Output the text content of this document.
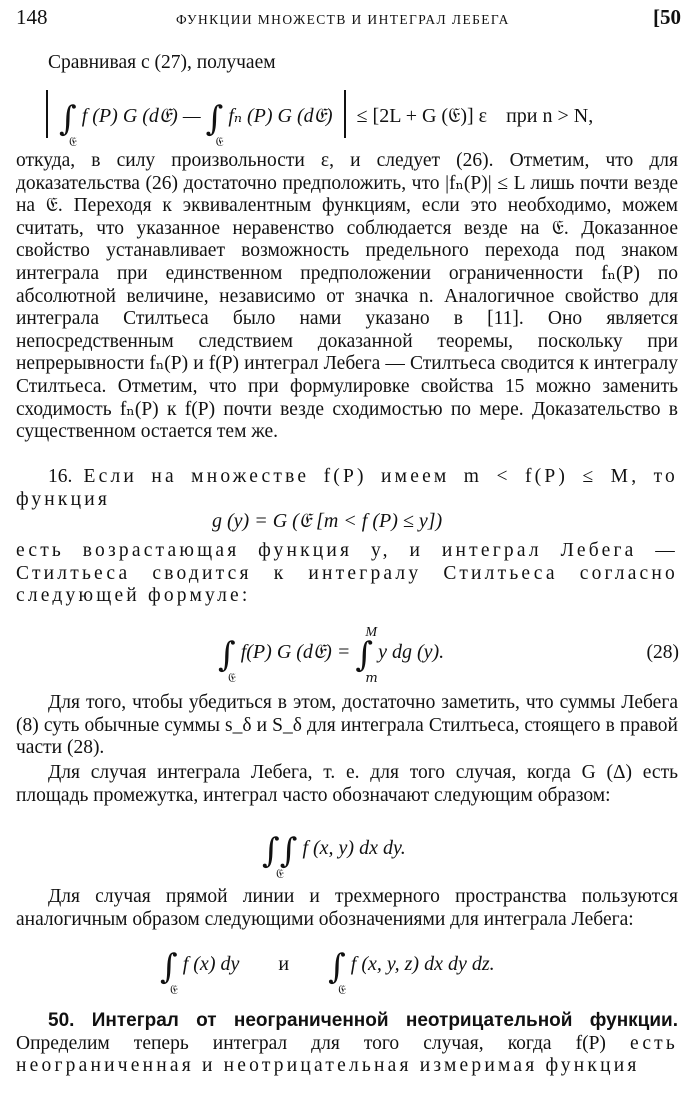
148	ФУНКЦИИ МНОЖЕСТВ И ИНТЕГРАЛ ЛЕБЕГА	[50

Сравнивая с (27), получаем

∫
𝔈
f (P) G (d𝔈) — ∫
𝔈
fₙ (P) G (d𝔈) ≤ [2L + G (𝔈)] ε при n > N,

откуда, в силу произвольности ε, и следует (26). Отметим, что для доказательства (26) достаточно предположить, что |fₙ(P)| ≤ L лишь почти везде на 𝔈. Переходя к эквивалентным функциям, если это необходимо, можем считать, что указанное неравенство соблюдается везде на 𝔈. Доказанное свойство устанавливает возможность предельного перехода под знаком интеграла при единственном предположении ограниченности fₙ(P) по абсолютной величине, независимо от значка n. Аналогичное свойство для интеграла Стилтьеса было нами указано в [11]. Оно является непосредственным следствием доказанной теоремы, поскольку при непрерывности fₙ(P) и f(P) интеграл Лебега — Стилтьеса сводится к интегралу Стилтьеса. Отметим, что при формулировке свойства 15 можно заменить сходимость fₙ(P) к f(P) почти везде сходимостью по мере. Доказательство в существенном остается тем же.

16. Если на множестве f(P) имеем m < f(P) ≤ M, то функция

g (y) = G (𝔈 [m < f (P) ≤ y])

есть возрастающая функция y, и интеграл Лебега — Стилтьеса сводится к интегралу Стилтьеса согласно следующей формуле:

∫
𝔈
f(P) G (d𝔈) =
M
∫
m
y dg (y).	(28)

Для того, чтобы убедиться в этом, достаточно заметить, что суммы Лебега (8) суть обычные суммы s_δ и S_δ для интеграла Стилтьеса, стоящего в правой части (28).

Для случая интеграла Лебега, т. е. для того случая, когда G (Δ) есть площадь промежутка, интеграл часто обозначают следующим образом:

∫∫
𝔈
f (x, y) dx dy.

Для случая прямой линии и трехмерного пространства пользуются аналогичным образом следующими обозначениями для интеграла Лебега:

∫
𝔈
f (x) dy и ∫
𝔈
f (x, y, z) dx dy dz.

50. Интеграл от неограниченной неотрицательной функции. Определим теперь интеграл для того случая, когда f(P) есть неограниченная и неотрицательная измеримая функция
